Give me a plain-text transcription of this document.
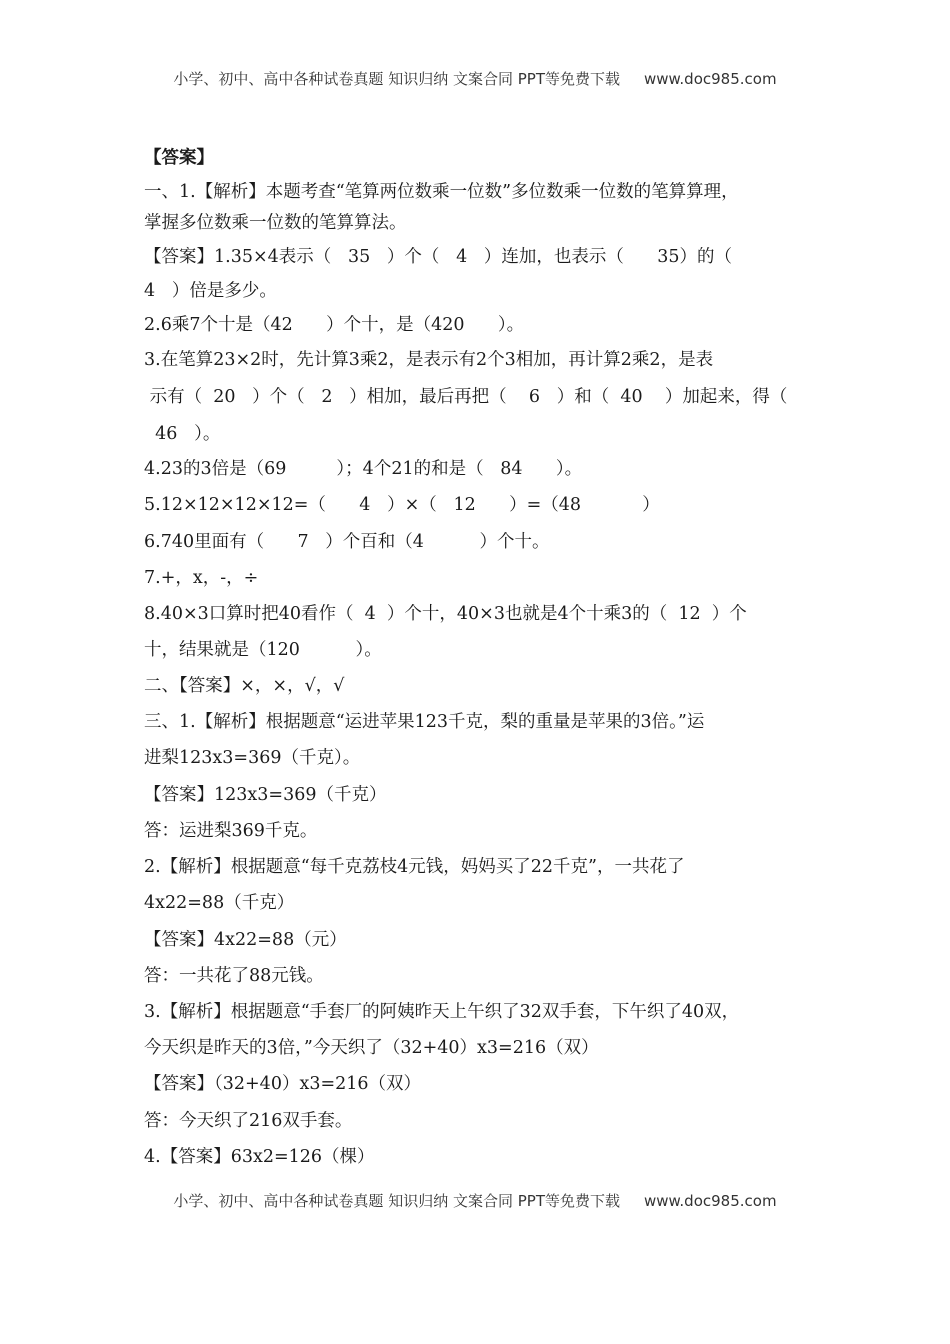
小学、初中、高中各种试卷真题 知识归纳 文案合同 PPT等免费下载 www.doc985.com
【答案】
一、1.【解析】本题考查“笔算两位数乘一位数”多位数乘一位数的笔算算理，
掌握多位数乘一位数的笔算算法。
【答案】1.35×4表示（   35   ）个（   4   ）连加，也表示（      35）的（
4   ）倍是多少。
2.6乘7个十是（42      ）个十，是（420      ）。
3.在笔算23×2时，先计算3乘2，是表示有2个3相加，再计算2乘2，是表
示有（  20   ）个（   2   ）相加，最后再把（    6   ）和（  40    ）加起来，得（
46   ）。
4.23的3倍是（69         ）；4个21的和是（   84      ）。
5.12×12×12×12=（      4   ）×（   12      ）=（48           ）
6.740里面有（      7   ）个百和（4          ）个十。
7.+，x，-，÷
8.40×3口算时把40看作（  4  ）个十，40×3也就是4个十乘3的（  12  ）个
十，结果就是（120          ）。
二、【答案】×，×，√，√
三、1.【解析】根据题意“运进苹果123千克，梨的重量是苹果的3倍。”运
进梨123x3=369（千克）。
【答案】123x3=369（千克）
答：运进梨369千克。
2.【解析】根据题意“每千克荔枝4元钱，妈妈买了22千克”，一共花了
4x22=88（千克）
【答案】4x22=88（元）
答：一共花了88元钱。
3.【解析】根据题意“手套厂的阿姨昨天上午织了32双手套，下午织了40双，
今天织是昨天的3倍，”今天织了（32+40）x3=216（双）
【答案】（32+40）x3=216（双）
答：今天织了216双手套。
4.【答案】63x2=126（棵）
小学、初中、高中各种试卷真题 知识归纳 文案合同 PPT等免费下载 www.doc985.com
